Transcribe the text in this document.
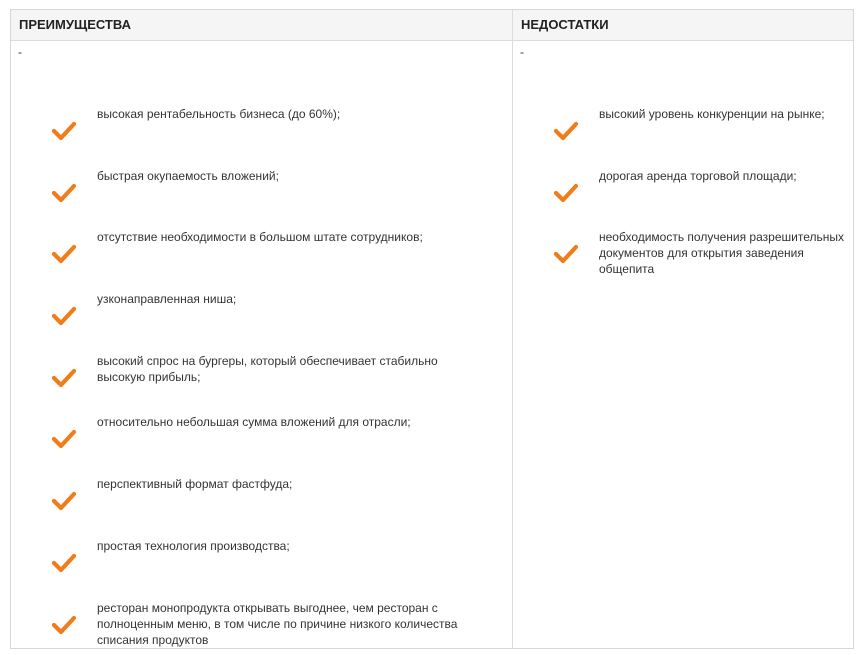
ПРЕИМУЩЕСТВА	НЕДОСТАТКИ
-
высокая рентабельность бизнеса (до 60%);
быстрая окупаемость вложений;
отсутствие необходимости в большом штате сотрудников;
узконаправленная ниша;
высокий спрос на бургеры, который обеспечивает стабильно высокую прибыль;
относительно небольшая сумма вложений для отрасли;
перспективный формат фастфуда;
простая технология производства;
ресторан монопродукта открывать выгоднее, чем ресторан с полноценным меню, в том числе по причине низкого количества списания продуктов
-
высокий уровень конкуренции на рынке;
дорогая аренда торговой площади;
необходимость получения разрешительных документов для открытия заведения общепита
